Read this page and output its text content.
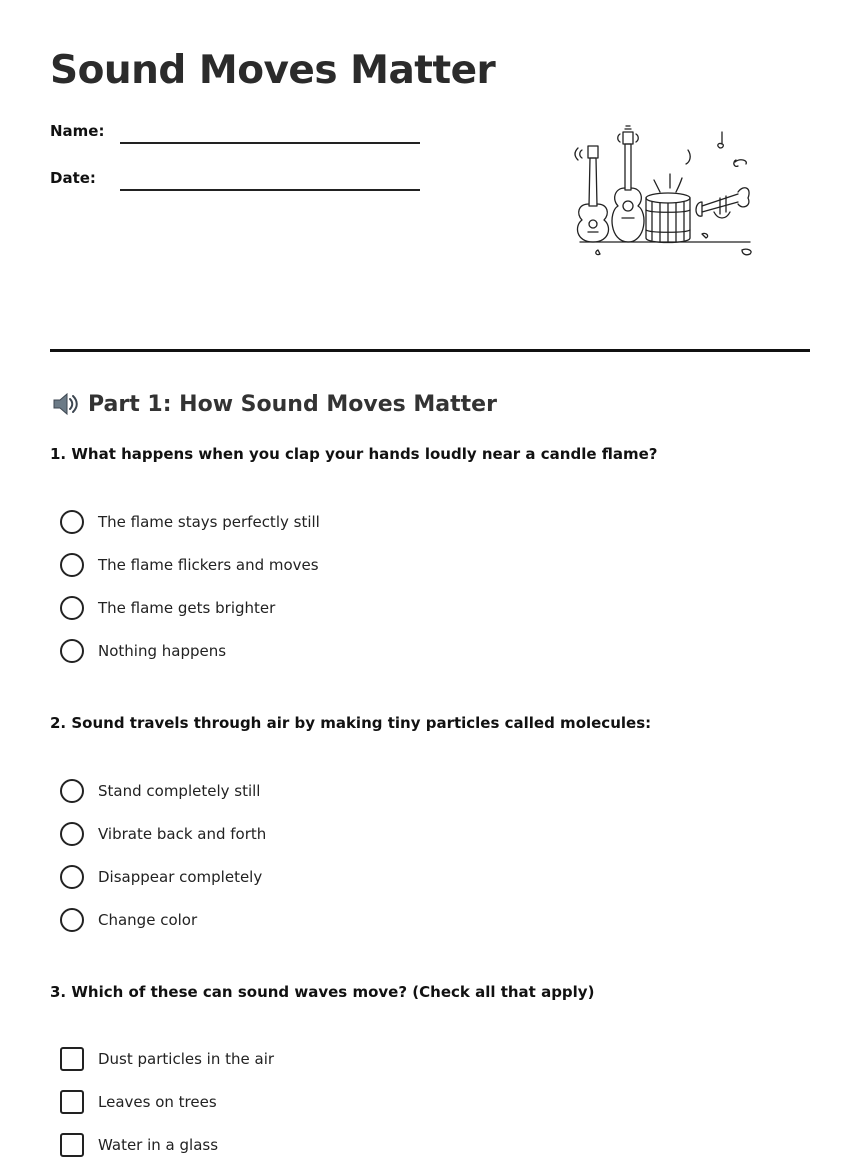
Sound Moves Matter
Name:
Date:
Part 1: How Sound Moves Matter
1. What happens when you clap your hands loudly near a candle flame?
The flame stays perfectly still
The flame flickers and moves
The flame gets brighter
Nothing happens
2. Sound travels through air by making tiny particles called molecules:
Stand completely still
Vibrate back and forth
Disappear completely
Change color
3. Which of these can sound waves move? (Check all that apply)
Dust particles in the air
Leaves on trees
Water in a glass
